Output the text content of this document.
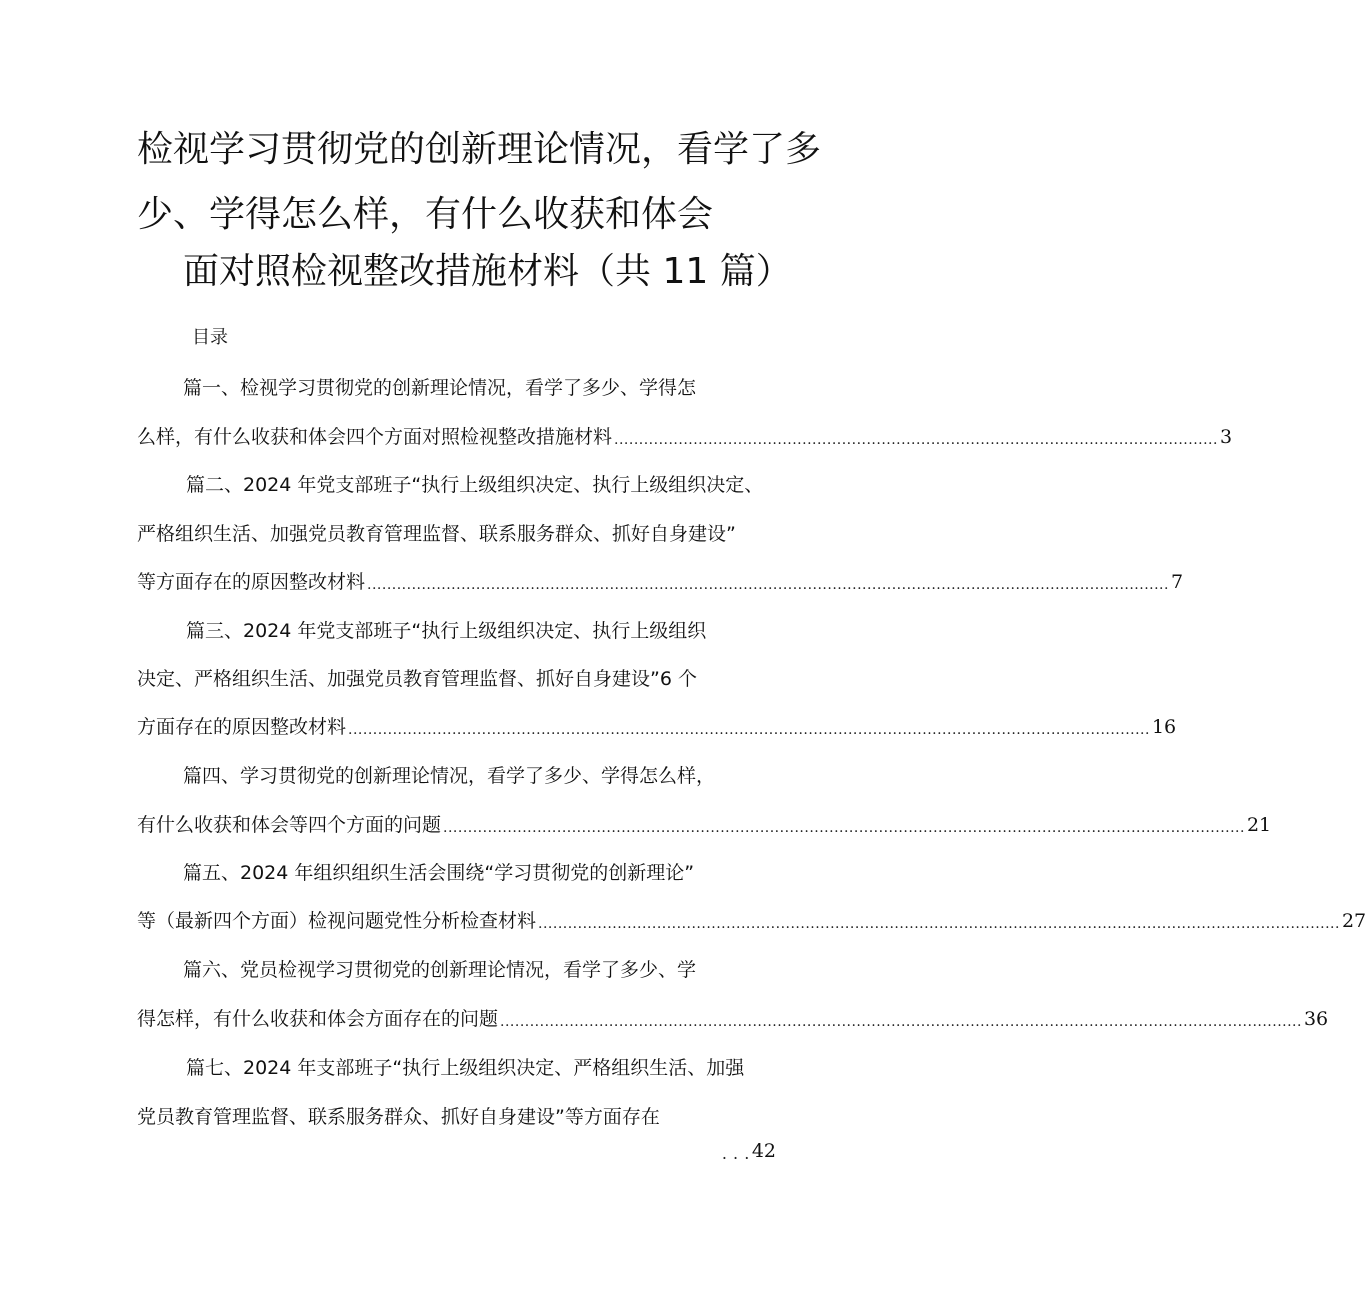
检视学习贯彻党的创新理论情况，看学了多
少、学得怎么样，有什么收获和体会
面对照检视整改措施材料（共 11 篇）
目录
篇一、检视学习贯彻党的创新理论情况，看学了多少、学得怎
么样，有什么收获和体会四个方面对照检视整改措施材料 .......................................................................................................................... 3
篇二、2024 年党支部班子“执行上级组织决定、执行上级组织决定、
严格组织生活、加强党员教育管理监督、联系服务群众、抓好自身建设”
等方面存在的原因整改材料 .................................................................................................................................................................. 7
篇三、2024 年党支部班子“执行上级组织决定、执行上级组织
决定、严格组织生活、加强党员教育管理监督、抓好自身建设”6 个
方面存在的原因整改材料 .................................................................................................................................................................. 16
篇四、学习贯彻党的创新理论情况，看学了多少、学得怎么样，
有什么收获和体会等四个方面的问题 .................................................................................................................................................................. 21
篇五、2024 年组织组织生活会围绕“学习贯彻党的创新理论”
等（最新四个方面）检视问题党性分析检查材料 .................................................................................................................................................................. 27
篇六、党员检视学习贯彻党的创新理论情况，看学了多少、学
得怎样，有什么收获和体会方面存在的问题 .................................................................................................................................................................. 36
篇七、2024 年支部班子“执行上级组织决定、严格组织生活、加强
党员教育管理监督、联系服务群众、抓好自身建设”等方面存在
. . . 42
